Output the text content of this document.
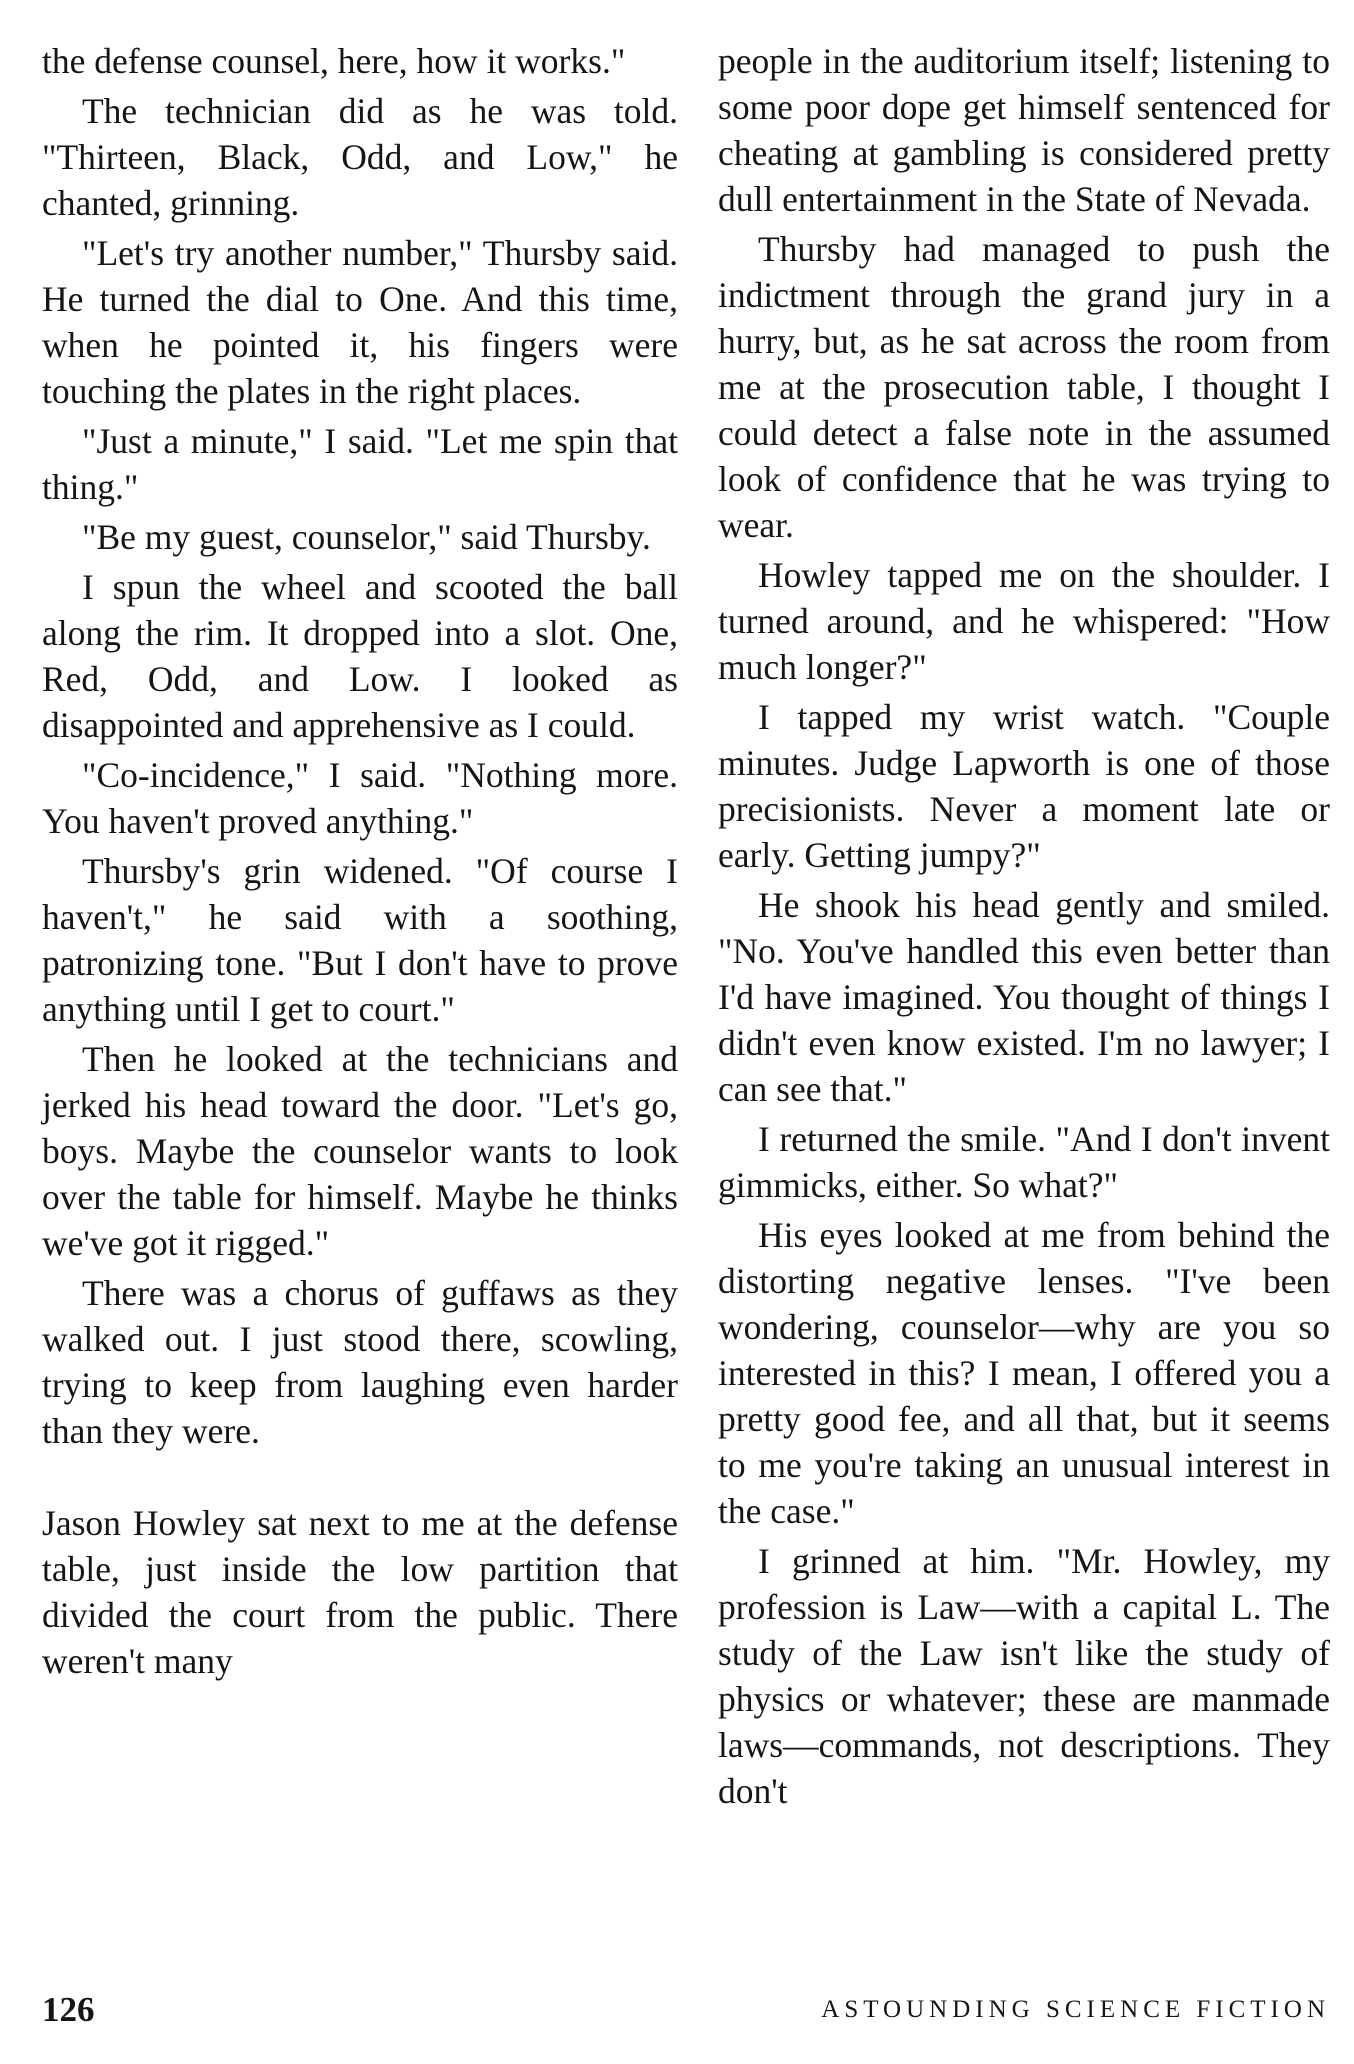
the defense counsel, here, how it works."

The technician did as he was told. "Thirteen, Black, Odd, and Low," he chanted, grinning.

"Let's try another number," Thursby said. He turned the dial to One. And this time, when he pointed it, his fingers were touching the plates in the right places.

"Just a minute," I said. "Let me spin that thing."

"Be my guest, counselor," said Thursby.

I spun the wheel and scooted the ball along the rim. It dropped into a slot. One, Red, Odd, and Low. I looked as disappointed and apprehensive as I could.

"Co-incidence," I said. "Nothing more. You haven't proved anything."

Thursby's grin widened. "Of course I haven't," he said with a soothing, patronizing tone. "But I don't have to prove anything until I get to court."

Then he looked at the technicians and jerked his head toward the door. "Let's go, boys. Maybe the counselor wants to look over the table for himself. Maybe he thinks we've got it rigged."

There was a chorus of guffaws as they walked out. I just stood there, scowling, trying to keep from laughing even harder than they were.

Jason Howley sat next to me at the defense table, just inside the low partition that divided the court from the public. There weren't many

people in the auditorium itself; listening to some poor dope get himself sentenced for cheating at gambling is considered pretty dull entertainment in the State of Nevada.

Thursby had managed to push the indictment through the grand jury in a hurry, but, as he sat across the room from me at the prosecution table, I thought I could detect a false note in the assumed look of confidence that he was trying to wear.

Howley tapped me on the shoulder. I turned around, and he whispered: "How much longer?"

I tapped my wrist watch. "Couple minutes. Judge Lapworth is one of those precisionists. Never a moment late or early. Getting jumpy?"

He shook his head gently and smiled. "No. You've handled this even better than I'd have imagined. You thought of things I didn't even know existed. I'm no lawyer; I can see that."

I returned the smile. "And I don't invent gimmicks, either. So what?"

His eyes looked at me from behind the distorting negative lenses. "I've been wondering, counselor—why are you so interested in this? I mean, I offered you a pretty good fee, and all that, but it seems to me you're taking an unusual interest in the case."

I grinned at him. "Mr. Howley, my profession is Law—with a capital L. The study of the Law isn't like the study of physics or whatever; these are manmade laws—commands, not descriptions. They don't

126	ASTOUNDING SCIENCE FICTION
